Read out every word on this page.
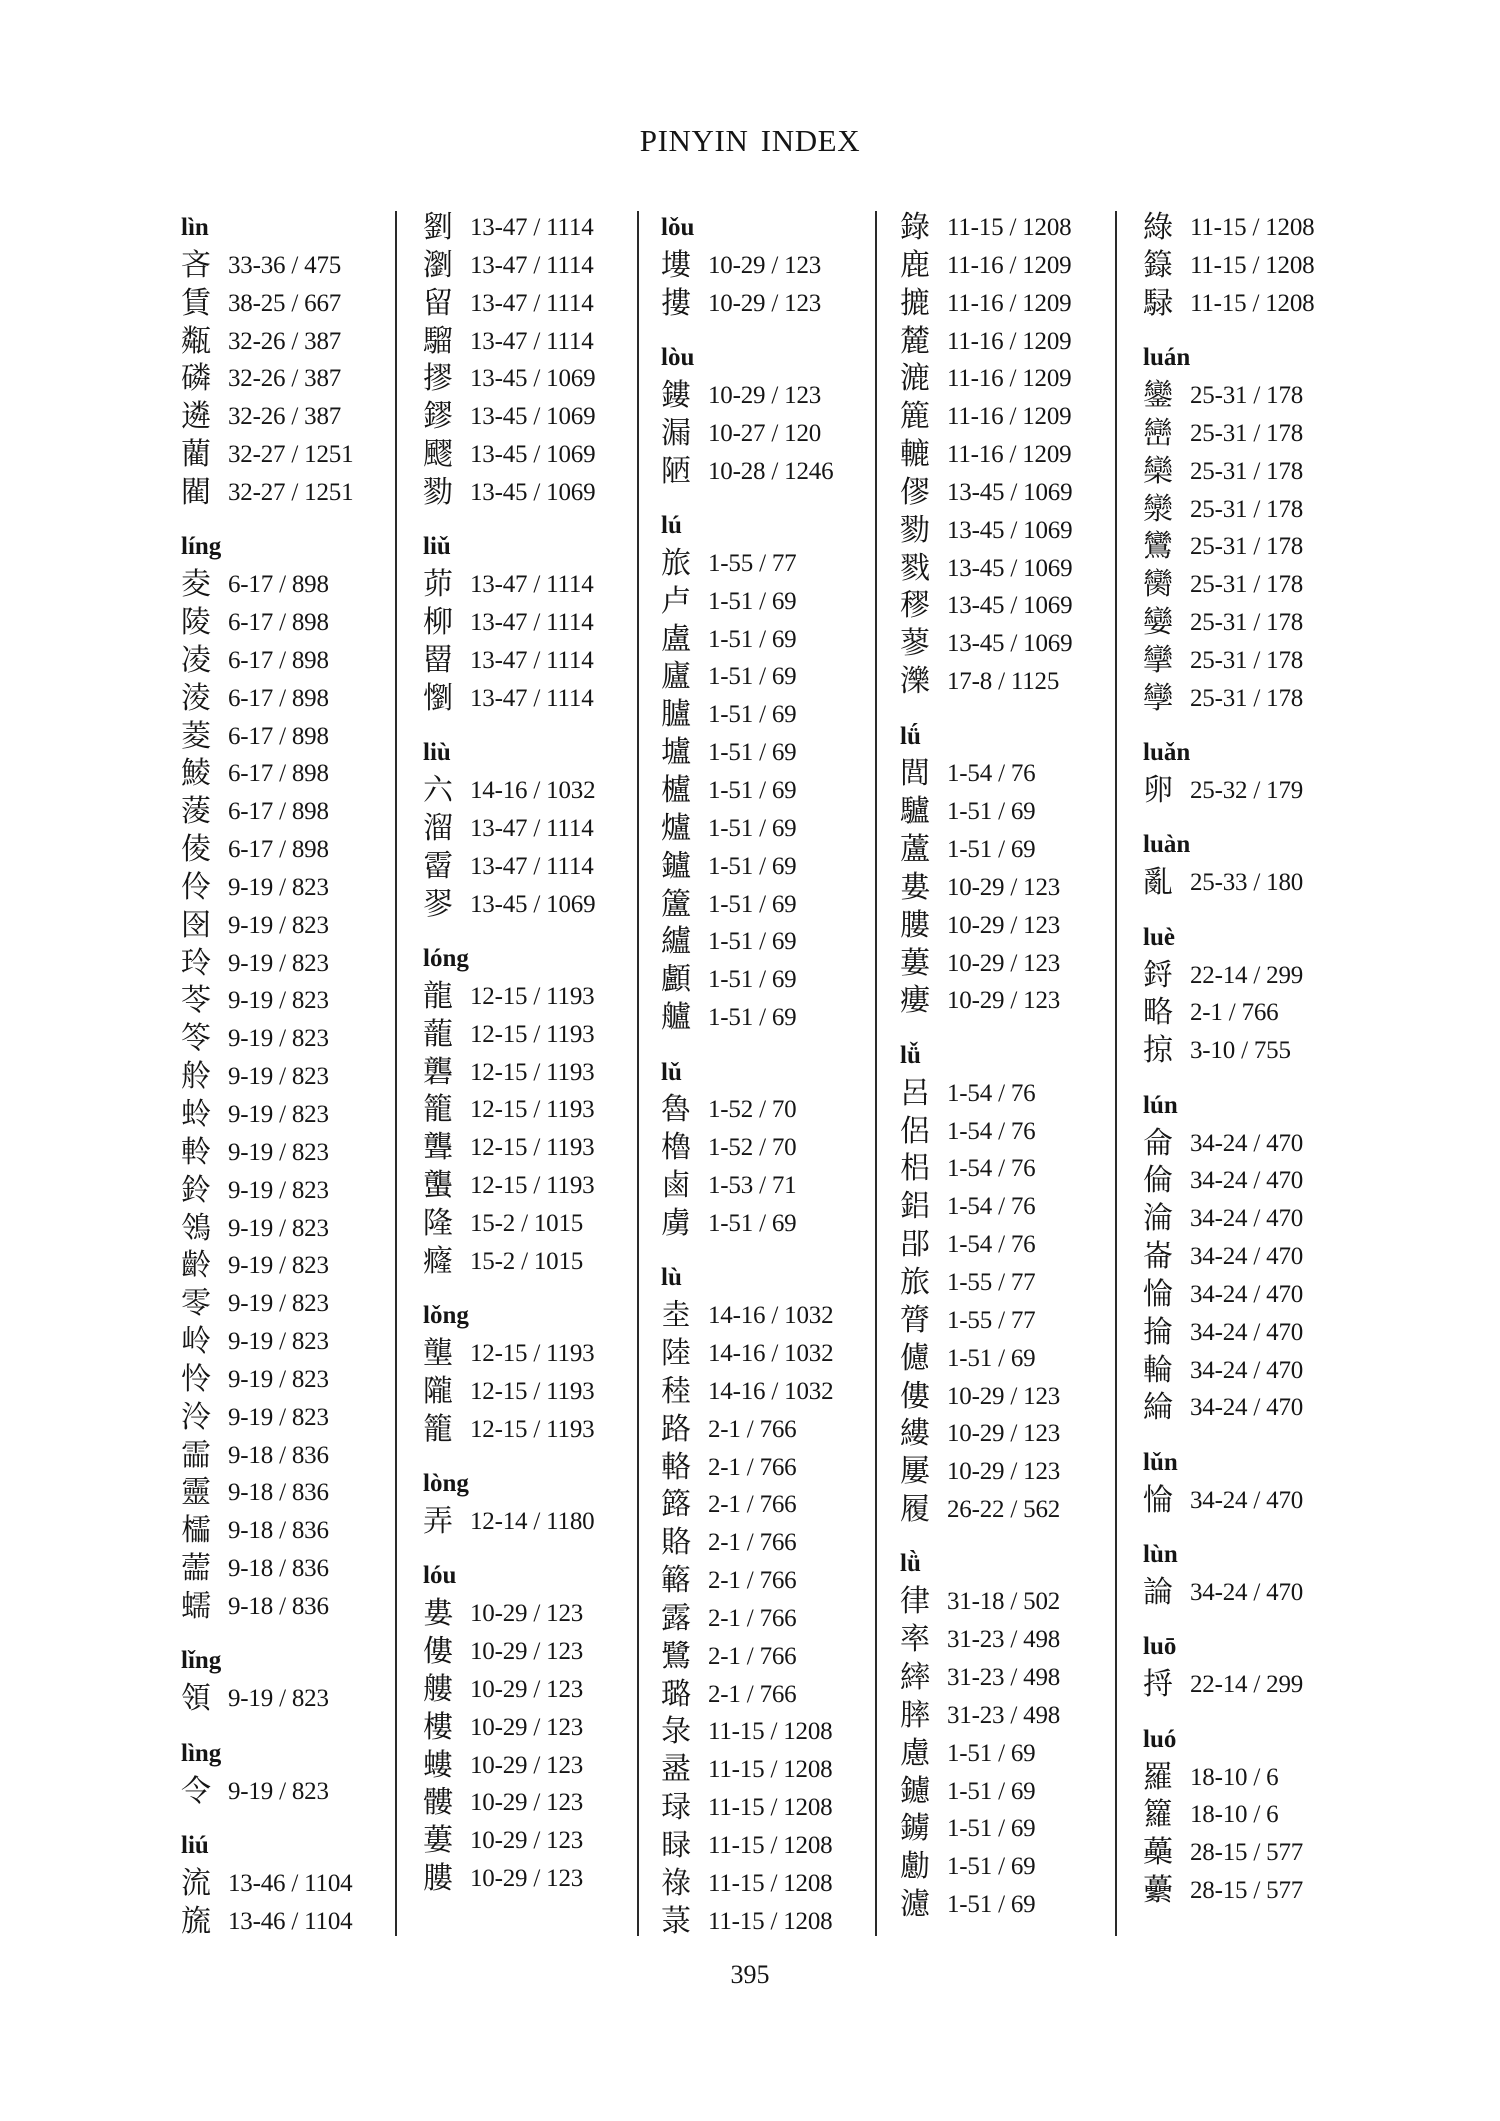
PINYIN INDEX
lìn
吝 33-36 / 475
賃 38-25 / 667
甐 32-26 / 387
磷 32-26 / 387
遴 32-26 / 387
藺 32-27 / 1251
閵 32-27 / 1251
líng
夌 6-17 / 898
陵 6-17 / 898
凌 6-17 / 898
淩 6-17 / 898
菱 6-17 / 898
鯪 6-17 / 898
蔆 6-17 / 898
倰 6-17 / 898
伶 9-19 / 823
囹 9-19 / 823
玲 9-19 / 823
苓 9-19 / 823
笭 9-19 / 823
舲 9-19 / 823
蛉 9-19 / 823
軨 9-19 / 823
鈴 9-19 / 823
鴒 9-19 / 823
齡 9-19 / 823
零 9-19 / 823
岭 9-19 / 823
怜 9-19 / 823
泠 9-19 / 823
霝 9-18 / 836
靈 9-18 / 836
櫺 9-18 / 836
蘦 9-18 / 836
蠕 9-18 / 836
lǐng
領 9-19 / 823
lìng
令 9-19 / 823
liú
流 13-46 / 1104
旒 13-46 / 1104
劉 13-47 / 1114
瀏 13-47 / 1114
留 13-47 / 1114
騮 13-47 / 1114
摎 13-45 / 1069
鏐 13-45 / 1069
飂 13-45 / 1069
勠 13-45 / 1069
liǔ
茆 13-47 / 1114
柳 13-47 / 1114
罶 13-47 / 1114
懰 13-47 / 1114
liù
六 14-16 / 1032
溜 13-47 / 1114
霤 13-47 / 1114
翏 13-45 / 1069
lóng
龍 12-15 / 1193
蘢 12-15 / 1193
礱 12-15 / 1193
籠 12-15 / 1193
聾 12-15 / 1193
蠪 12-15 / 1193
隆 15-2 / 1015
癃 15-2 / 1015
lǒng
壟 12-15 / 1193
隴 12-15 / 1193
籠 12-15 / 1193
lòng
弄 12-14 / 1180
lóu
婁 10-29 / 123
僂 10-29 / 123
艛 10-29 / 123
樓 10-29 / 123
螻 10-29 / 123
髏 10-29 / 123
蔞 10-29 / 123
膢 10-29 / 123
lǒu
塿 10-29 / 123
摟 10-29 / 123
lòu
鏤 10-29 / 123
漏 10-27 / 120
陋 10-28 / 1246
lú
旅 1-55 / 77
卢 1-51 / 69
盧 1-51 / 69
廬 1-51 / 69
臚 1-51 / 69
壚 1-51 / 69
櫨 1-51 / 69
爐 1-51 / 69
鑪 1-51 / 69
籚 1-51 / 69
纑 1-51 / 69
顱 1-51 / 69
艫 1-51 / 69
lǔ
魯 1-52 / 70
櫓 1-52 / 70
鹵 1-53 / 71
虜 1-51 / 69
lù
坴 14-16 / 1032
陸 14-16 / 1032
稑 14-16 / 1032
路 2-1 / 766
輅 2-1 / 766
簬 2-1 / 766
賂 2-1 / 766
簵 2-1 / 766
露 2-1 / 766
鷺 2-1 / 766
璐 2-1 / 766
彔 11-15 / 1208
盝 11-15 / 1208
琭 11-15 / 1208
睩 11-15 / 1208
祿 11-15 / 1208
菉 11-15 / 1208
錄 11-15 / 1208
鹿 11-16 / 1209
摝 11-16 / 1209
麓 11-16 / 1209
漉 11-16 / 1209
簏 11-16 / 1209
轆 11-16 / 1209
僇 13-45 / 1069
勠 13-45 / 1069
戮 13-45 / 1069
穋 13-45 / 1069
蓼 13-45 / 1069
濼 17-8 / 1125
lǘ
閭 1-54 / 76
驢 1-51 / 69
蘆 1-51 / 69
婁 10-29 / 123
膢 10-29 / 123
蔞 10-29 / 123
瘻 10-29 / 123
lǚ
呂 1-54 / 76
侶 1-54 / 76
梠 1-54 / 76
鋁 1-54 / 76
郘 1-54 / 76
旅 1-55 / 77
膂 1-55 / 77
儢 1-51 / 69
僂 10-29 / 123
縷 10-29 / 123
屢 10-29 / 123
履 26-22 / 562
lǜ
律 31-18 / 502
率 31-23 / 498
繂 31-23 / 498
膟 31-23 / 498
慮 1-51 / 69
鑢 1-51 / 69
鐪 1-51 / 69
勴 1-51 / 69
濾 1-51 / 69
綠 11-15 / 1208
籙 11-15 / 1208
騄 11-15 / 1208
luán
鑾 25-31 / 178
巒 25-31 / 178
欒 25-31 / 178
灓 25-31 / 178
鸞 25-31 / 178
臠 25-31 / 178
孌 25-31 / 178
攣 25-31 / 178
孿 25-31 / 178
luǎn
卵 25-32 / 179
luàn
亂 25-33 / 180
luè
鋝 22-14 / 299
略 2-1 / 766
掠 3-10 / 755
lún
侖 34-24 / 470
倫 34-24 / 470
淪 34-24 / 470
崙 34-24 / 470
惀 34-24 / 470
掄 34-24 / 470
輪 34-24 / 470
綸 34-24 / 470
lǔn
惀 34-24 / 470
lùn
論 34-24 / 470
luō
捋 22-14 / 299
luó
羅 18-10 / 6
籮 18-10 / 6
蘽 28-15 / 577
虆 28-15 / 577
395
